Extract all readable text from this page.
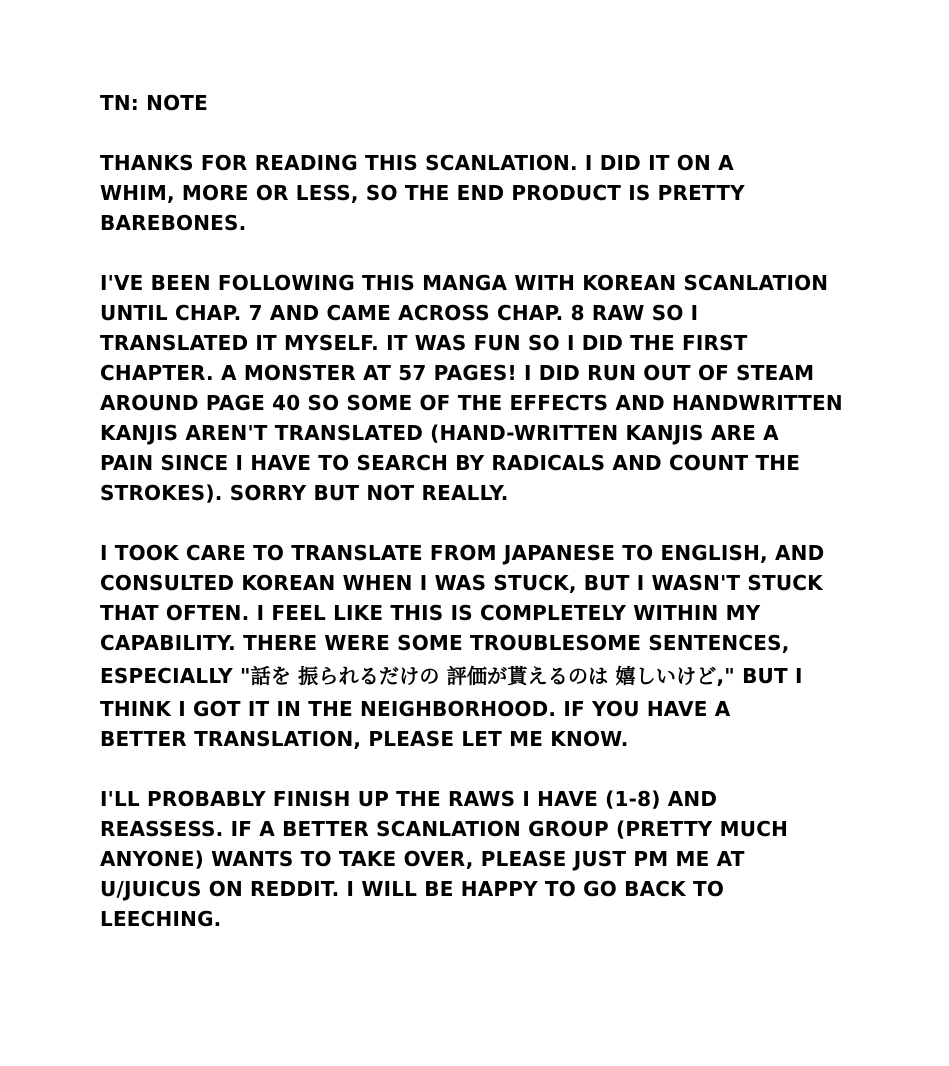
TN: NOTE
THANKS FOR READING THIS SCANLATION. I DID IT ON A
WHIM, MORE OR LESS, SO THE END PRODUCT IS PRETTY
BAREBONES.
I'VE BEEN FOLLOWING THIS MANGA WITH KOREAN SCANLATION
UNTIL CHAP. 7 AND CAME ACROSS CHAP. 8 RAW SO I
TRANSLATED IT MYSELF. IT WAS FUN SO I DID THE FIRST
CHAPTER. A MONSTER AT 57 PAGES! I DID RUN OUT OF STEAM
AROUND PAGE 40 SO SOME OF THE EFFECTS AND HANDWRITTEN
KANJIS AREN'T TRANSLATED (HAND-WRITTEN KANJIS ARE A
PAIN SINCE I HAVE TO SEARCH BY RADICALS AND COUNT THE
STROKES). SORRY BUT NOT REALLY.
I TOOK CARE TO TRANSLATE FROM JAPANESE TO ENGLISH, AND
CONSULTED KOREAN WHEN I WAS STUCK, BUT I WASN'T STUCK
THAT OFTEN. I FEEL LIKE THIS IS COMPLETELY WITHIN MY
CAPABILITY. THERE WERE SOME TROUBLESOME SENTENCES,
ESPECIALLY "話を 振られるだけの 評価が貰えるのは 嬉しいけど," BUT I
THINK I GOT IT IN THE NEIGHBORHOOD. IF YOU HAVE A
BETTER TRANSLATION, PLEASE LET ME KNOW.
I'LL PROBABLY FINISH UP THE RAWS I HAVE (1-8) AND
REASSESS. IF A BETTER SCANLATION GROUP (PRETTY MUCH
ANYONE) WANTS TO TAKE OVER, PLEASE JUST PM ME AT
U/JUICUS ON REDDIT. I WILL BE HAPPY TO GO BACK TO
LEECHING.
